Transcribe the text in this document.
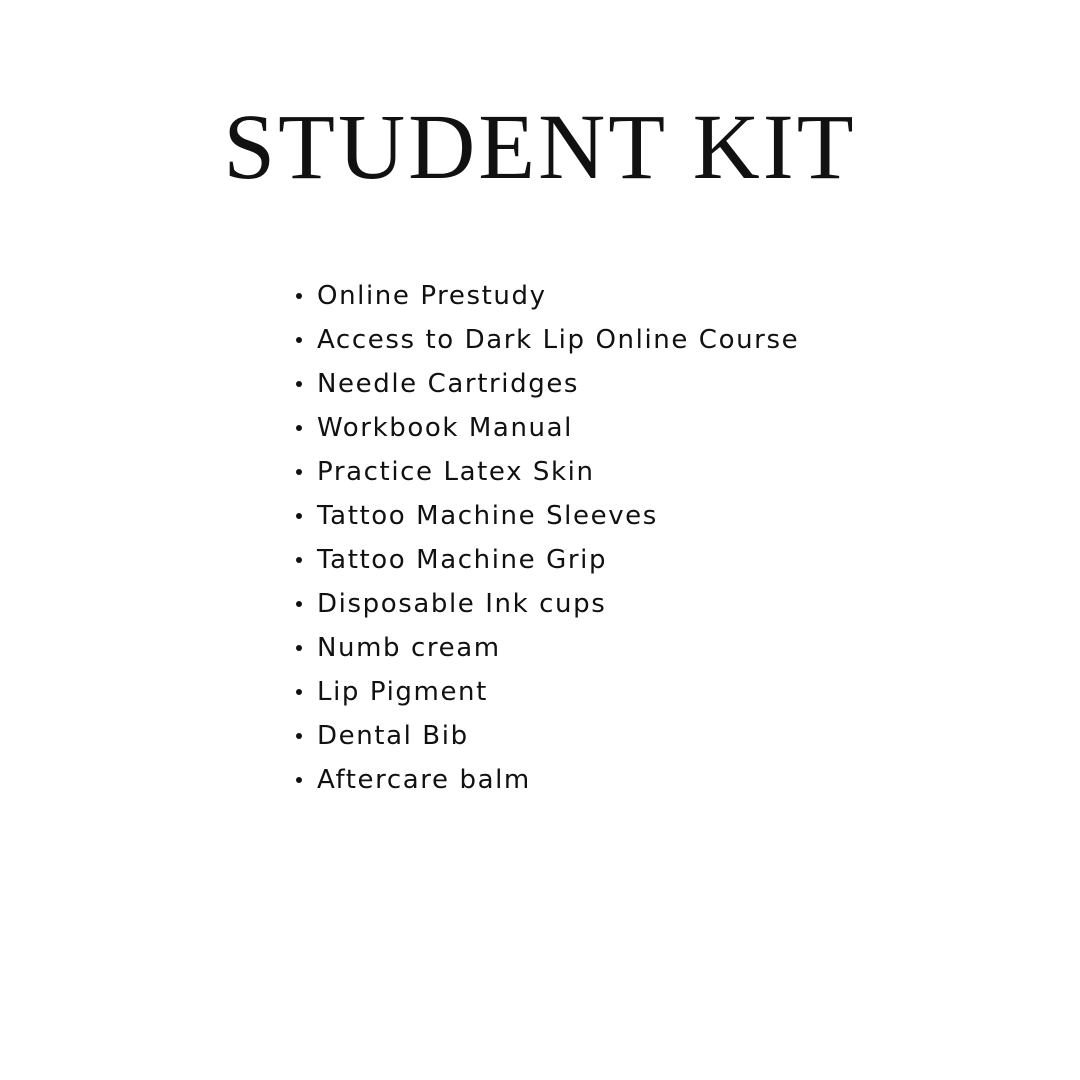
STUDENT KIT
Online Prestudy
Access to Dark Lip Online Course
Needle Cartridges
Workbook Manual
Practice Latex Skin
Tattoo Machine Sleeves
Tattoo Machine Grip
Disposable Ink cups
Numb cream
Lip Pigment
Dental Bib
Aftercare balm
